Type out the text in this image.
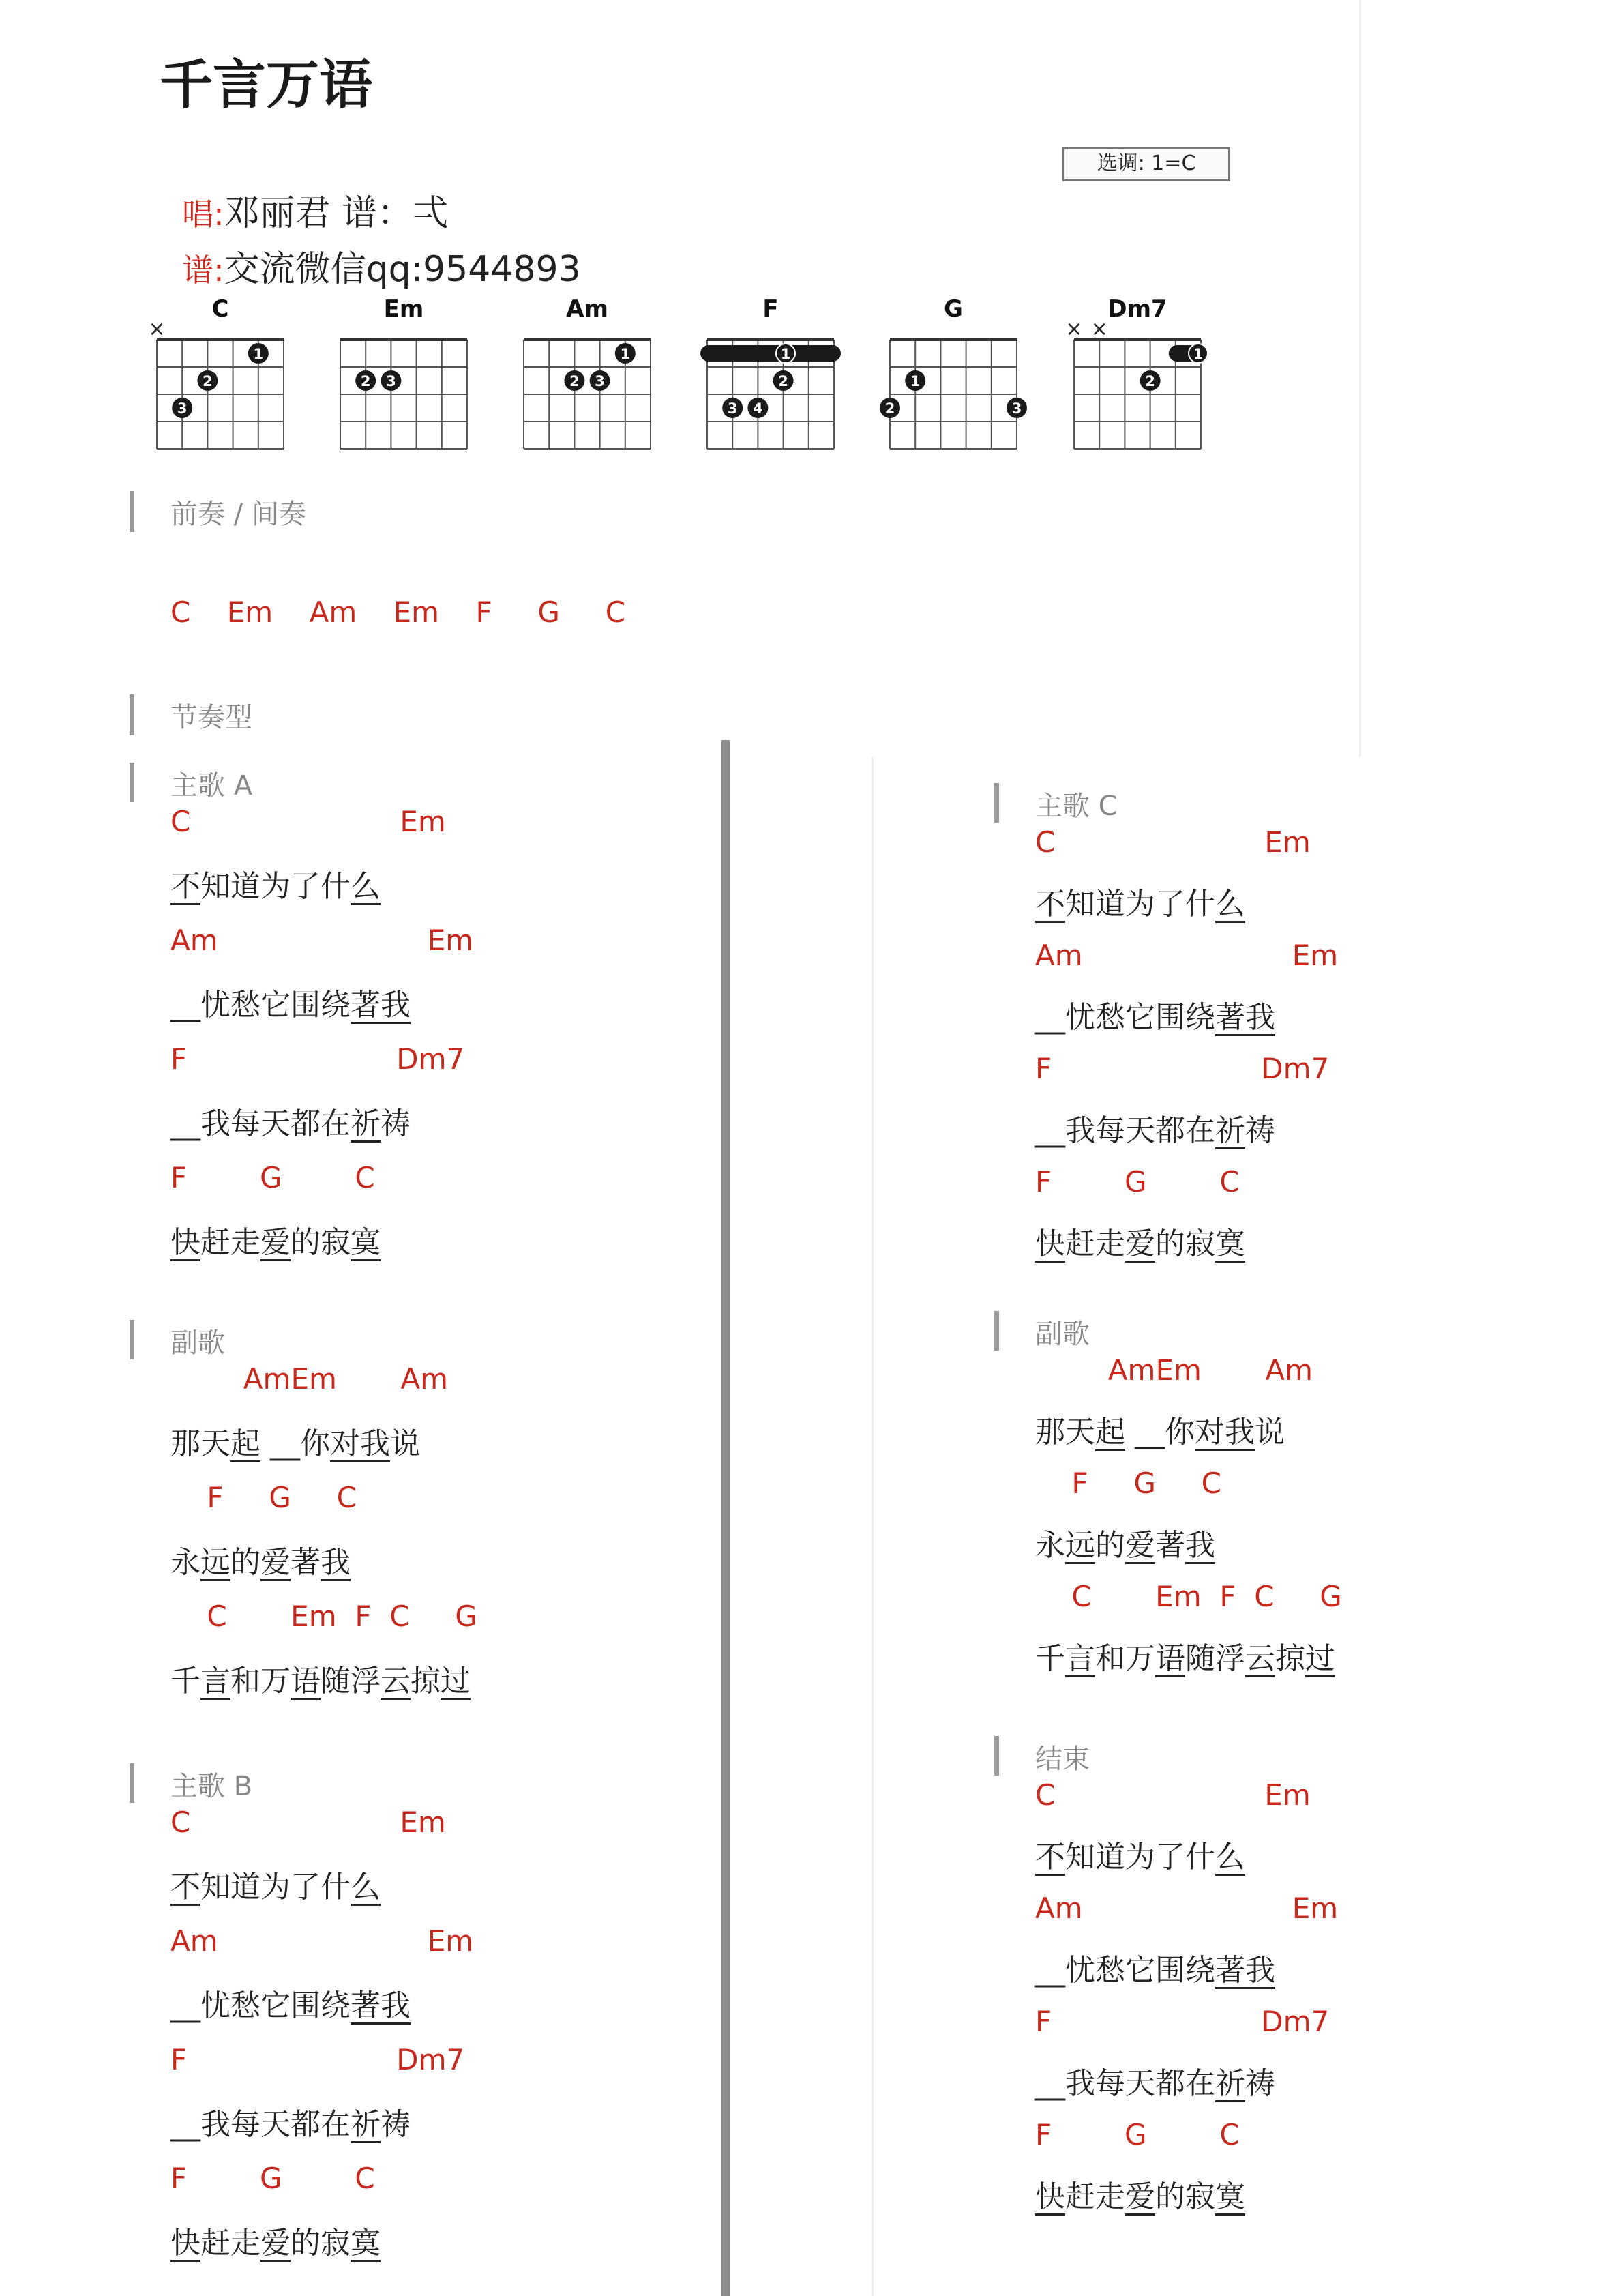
千言万语

唱:邓丽君 谱：弌

谱:交流微信qq:9544893

选调: 1=C
C
×
1
2
3
Em
2 3
Am
1
2 3
F
1
2
3 4
G
1
2	3
Dm7
× ×
1
2
前奏 / 间奏
C    Em    Am    Em    F     G     C
节奏型
主歌 A
C                       Em
不知道为了什么
Am                       Em
__忧愁它围绕著我
F                       Dm7
__我每天都在祈祷
F        G        C
快赶走爱的寂寞
副歌
AmEm       Am
那天起 __你对我说
F     G     C
永远的爱著我
C       Em  F  C     G
千言和万语随浮云掠过
主歌 B
C                       Em
不知道为了什么
Am                       Em
__忧愁它围绕著我
F                       Dm7
__我每天都在祈祷
F        G        C
快赶走爱的寂寞
主歌 C
C                       Em
不知道为了什么
Am                       Em
__忧愁它围绕著我
F                       Dm7
__我每天都在祈祷
F        G        C
快赶走爱的寂寞
副歌
AmEm       Am
那天起 __你对我说
F     G     C
永远的爱著我
C       Em  F  C     G
千言和万语随浮云掠过
结束
C                       Em
不知道为了什么
Am                       Em
__忧愁它围绕著我
F                       Dm7
__我每天都在祈祷
F        G        C
快赶走爱的寂寞
